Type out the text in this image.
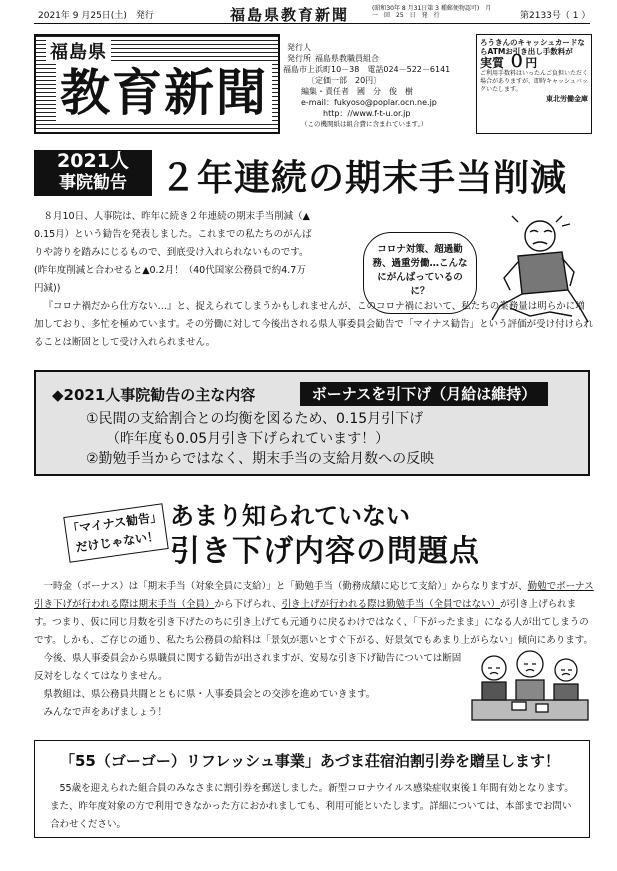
2021年 9 月25日(土)　発行	福島県教育新聞	(昭和30年 8 月31日第 3 種郵便物認可)　月　一　回　25　日　発　行	第2133号（ 1 ）
福島県
教育新聞
発行人
発行所 福島県教職員組合
福島市上浜町10－38　電話024－522－6141
〔定価一部　20円〕
編集・責任者　國　分　俊　樹
e-mail：fukyoso@poplar.ocn.ne.jp
http：//www.f-t-u.or.jp
（この機関紙は組合費に含まれています。）
ろうきんのキャッシュカードならATMお引き出し手数料が
実質 ０円
ご利用手数料はいったんご負担いただく場合がありますが、即時キャッシュバックいたします。
東北労働金庫
2021人
事院勧告 ２年連続の期末手当削減
８月10日、人事院は、昨年に続き２年連続の期末手当削減（▲
0.15月）という勧告を発表しました。これまでの私たちのがんば
りや誇りを踏みにじるもので、到底受け入れられないものです。
(昨年度削減と合わせると▲0.2月！（40代国家公務員で約4.7万
円減))

『コロナ禍だから仕方ない…』と、捉えられてしまうかもしれませんが、このコロナ禍において、私たちの業務量は明らかに増加しており、多忙を極めています。その労働に対して今後出される県人事委員会勧告で「マイナス勧告」という評価が受け付けられることは断固として受け入れられません。

コロナ対策、超過勤務、過重労働…こんなにがんばっているのに？
◆2021人事院勧告の主な内容	ボーナスを引下げ（月給は維持）
①民間の支給割合との均衡を図るため、0.15月引下げ
（昨年度も0.05月引き下げられています！）
②勤勉手当からではなく、期末手当の支給月数への反映
「マイナス勧告」だけじゃない！
あまり知られていない
引き下げ内容の問題点

一時金（ボーナス）は「期末手当（対象全員に支給）」と「勤勉手当（勤務成績に応じて支給）」からなりますが、勤勉でボーナス引き下げが行われる際は期末手当（全員）から下げられ、引き上げが行われる際は勤勉手当（全員ではない）が引き上げられます。つまり、仮に同じ月数を引き下げたのちに引き上げても元通りに戻るわけではなく、「下がったまま」になる人が出てしまうのです。しかも、ご存じの通り、私たち公務員の給料は「景気が悪いとすぐ下がる、好景気でもあまり上がらない」傾向にあります。

今後、県人事委員会から県職員に関する勧告が出されますが、安易な引き下げ勧告については断固反対をしなくてはなりません。
県教組は、県公務員共闘とともに県・人事委員会との交渉を進めていきます。
みんなで声をあげましょう！
「55（ゴーゴー）リフレッシュ事業」あづま荘宿泊割引券を贈呈します！
55歳を迎えられた組合員のみなさまに割引券を郵送しました。新型コロナウイルス感染症収束後１年間有効となります。また、昨年度対象の方で利用できなかった方におかれましても、利用可能といたします。詳細については、本部までお問い合わせください。
